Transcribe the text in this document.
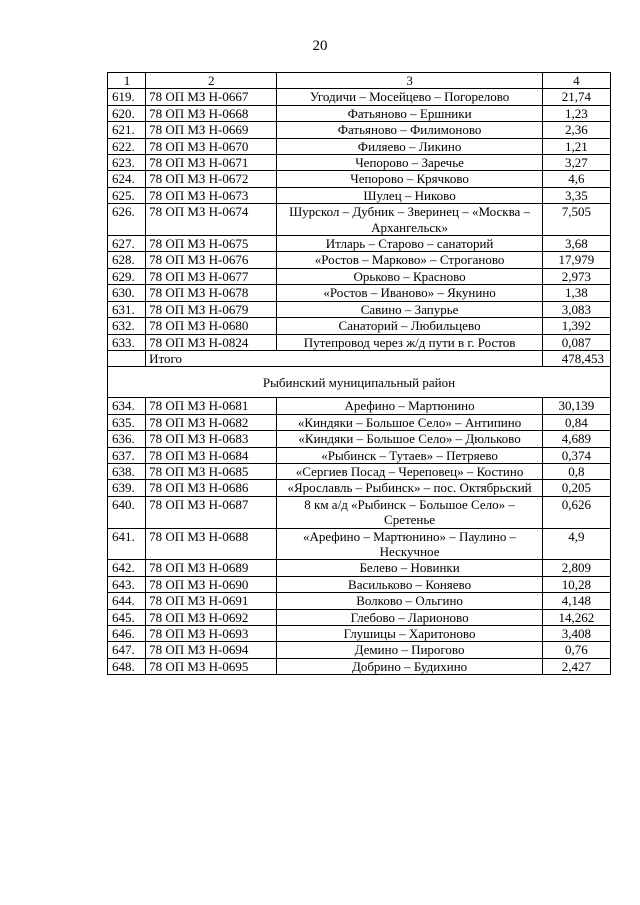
20
1	2	3	4
619.	78 ОП МЗ Н-0667	Угодичи – Мосейцево – Погорелово	21,74
620.	78 ОП МЗ Н-0668	Фатьяново – Ершники	1,23
621.	78 ОП МЗ Н-0669	Фатьяново – Филимоново	2,36
622.	78 ОП МЗ Н-0670	Филяево – Ликино	1,21
623.	78 ОП МЗ Н-0671	Чепорово – Заречье	3,27
624.	78 ОП МЗ Н-0672	Чепорово – Крячково	4,6
625.	78 ОП МЗ Н-0673	Шулец – Никово	3,35
626.	78 ОП МЗ Н-0674	Шурскол – Дубник – Зверинец – «Москва – Архангельск»	7,505
627.	78 ОП МЗ Н-0675	Итларь – Старово – санаторий	3,68
628.	78 ОП МЗ Н-0676	«Ростов – Марково» – Строганово	17,979
629.	78 ОП МЗ Н-0677	Орьково – Красново	2,973
630.	78 ОП МЗ Н-0678	«Ростов – Иваново» – Якунино	1,38
631.	78 ОП МЗ Н-0679	Савино – Запурье	3,083
632.	78 ОП МЗ Н-0680	Санаторий – Любильцево	1,392
633.	78 ОП МЗ Н-0824	Путепровод через ж/д пути в г. Ростов	0,087
	Итого		478,453
Рыбинский муниципальный район			
634.	78 ОП МЗ Н-0681	Арефино – Мартюнино	30,139
635.	78 ОП МЗ Н-0682	«Киндяки – Большое Село» – Антипино	0,84
636.	78 ОП МЗ Н-0683	«Киндяки – Большое Село» – Дюльково	4,689
637.	78 ОП МЗ Н-0684	«Рыбинск – Тутаев» – Петряево	0,374
638.	78 ОП МЗ Н-0685	«Сергиев Посад – Череповец» – Костино	0,8
639.	78 ОП МЗ Н-0686	«Ярославль – Рыбинск» – пос. Октябрьский	0,205
640.	78 ОП МЗ Н-0687	8 км а/д «Рыбинск – Большое Село» – Сретенье	0,626
641.	78 ОП МЗ Н-0688	«Арефино – Мартюнино» – Паулино – Нескучное	4,9
642.	78 ОП МЗ Н-0689	Белево – Новинки	2,809
643.	78 ОП МЗ Н-0690	Васильково – Коняево	10,28
644.	78 ОП МЗ Н-0691	Волково – Ольгино	4,148
645.	78 ОП МЗ Н-0692	Глебово – Ларионово	14,262
646.	78 ОП МЗ Н-0693	Глушицы – Харитоново	3,408
647.	78 ОП МЗ Н-0694	Демино – Пирогово	0,76
648.	78 ОП МЗ Н-0695	Добрино – Будихино	2,427
